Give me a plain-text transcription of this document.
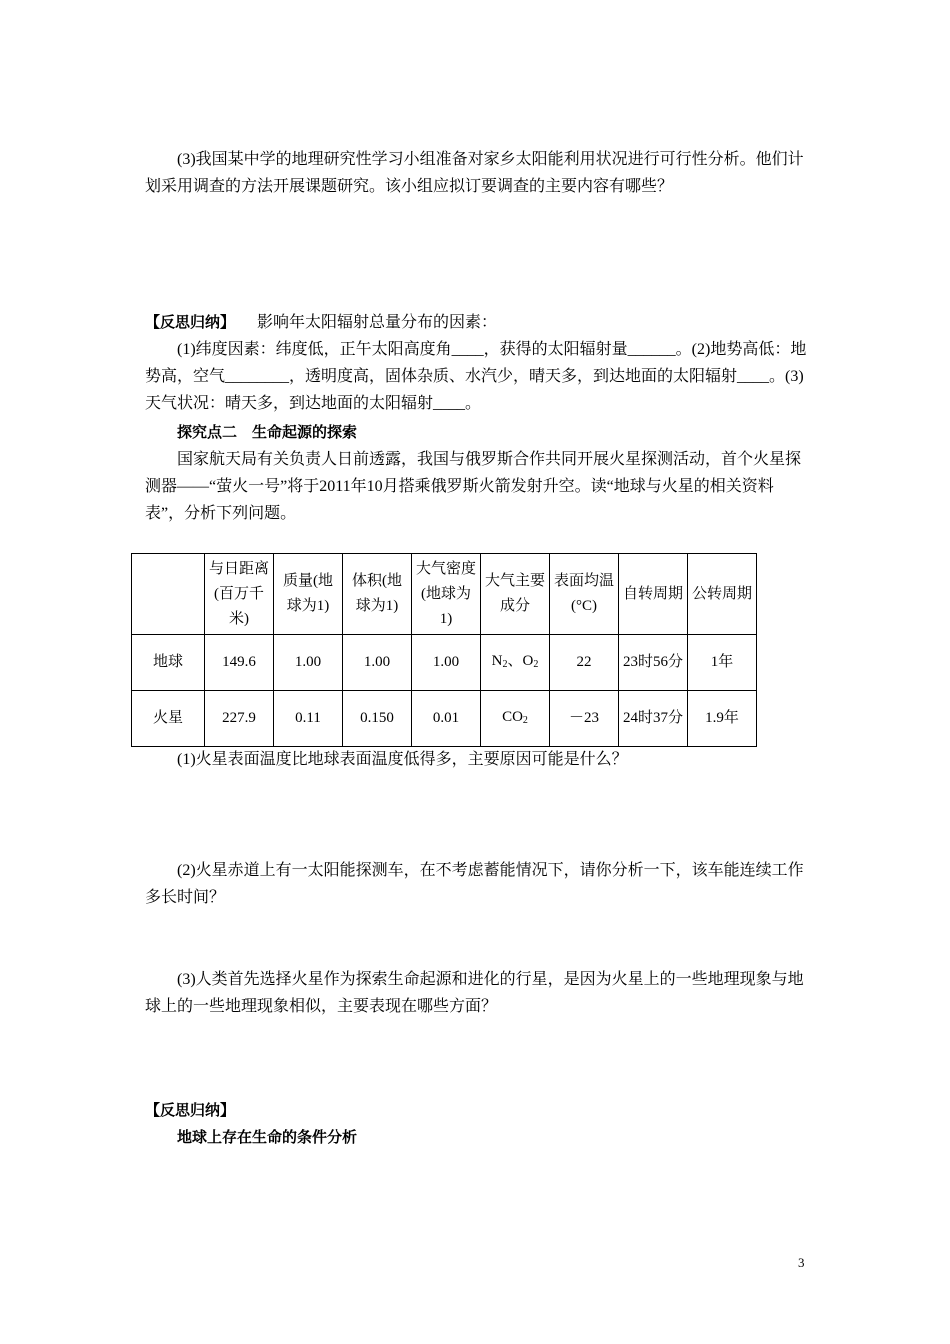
(3)我国某中学的地理研究性学习小组准备对家乡太阳能利用状况进行可行性分析。他们计划采用调查的方法开展课题研究。该小组应拟订要调查的主要内容有哪些？

【反思归纳】 影响年太阳辐射总量分布的因素：

(1)纬度因素：纬度低，正午太阳高度角____，获得的太阳辐射量______。(2)地势高低：地势高，空气________，透明度高，固体杂质、水汽少，晴天多，到达地面的太阳辐射____。(3)天气状况：晴天多，到达地面的太阳辐射____。

探究点二　生命起源的探索

国家航天局有关负责人日前透露，我国与俄罗斯合作共同开展火星探测活动，首个火星探测器——“萤火一号”将于2011年10月搭乘俄罗斯火箭发射升空。读“地球与火星的相关资料表”，分析下列问题。

	与日距离(百万千米)	质量(地球为1)	体积(地球为1)	大气密度(地球为1)	大气主要成分	表面均温(°C)	自转周期	公转周期
地球	149.6	1.00	1.00	1.00	$N_2$、$O_2$	22	23时56分	1年
火星	227.9	0.11	0.150	0.01	$CO_2$	－23	24时37分	1.9年

(1)火星表面温度比地球表面温度低得多，主要原因可能是什么？

(2)火星赤道上有一太阳能探测车，在不考虑蓄能情况下，请你分析一下，该车能连续工作多长时间？

(3)人类首先选择火星作为探索生命起源和进化的行星，是因为火星上的一些地理现象与地球上的一些地理现象相似，主要表现在哪些方面？

【反思归纳】
地球上存在生命的条件分析
3
